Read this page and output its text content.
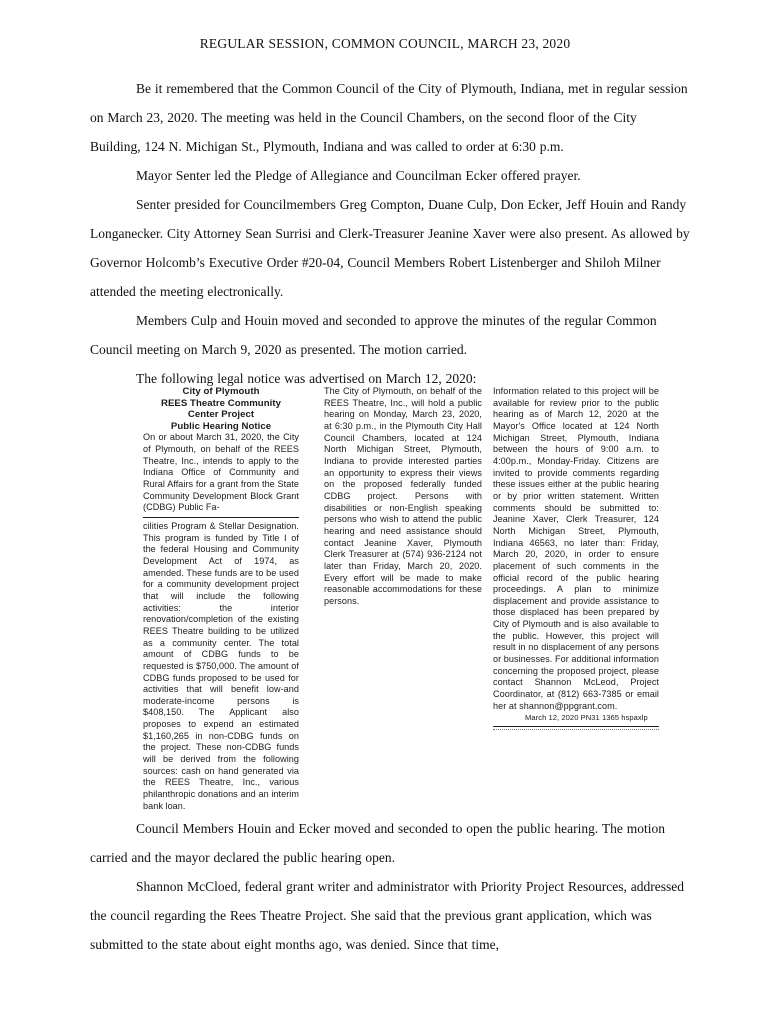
REGULAR SESSION, COMMON COUNCIL, MARCH 23, 2020

Be it remembered that the Common Council of the City of Plymouth, Indiana, met in regular session on March 23, 2020. The meeting was held in the Council Chambers, on the second floor of the City Building, 124 N. Michigan St., Plymouth, Indiana and was called to order at 6:30 p.m.

Mayor Senter led the Pledge of Allegiance and Councilman Ecker offered prayer.

Senter presided for Councilmembers Greg Compton, Duane Culp, Don Ecker, Jeff Houin and Randy Longanecker. City Attorney Sean Surrisi and Clerk-Treasurer Jeanine Xaver were also present. As allowed by Governor Holcomb’s Executive Order #20-04, Council Members Robert Listenberger and Shiloh Milner attended the meeting electronically.

Members Culp and Houin moved and seconded to approve the minutes of the regular Common Council meeting on March 9, 2020 as presented. The motion carried.

The following legal notice was advertised on March 12, 2020:

City of Plymouth
REES Theatre Community
Center Project
Public Hearing Notice

On or about March 31, 2020, the City of Plymouth, on behalf of the REES Theatre, Inc., intends to apply to the Indiana Office of Community and Rural Affairs for a grant from the State Community Development Block Grant (CDBG) Public Fa-

cilities Program & Stellar Designation. This program is funded by Title I of the federal Housing and Community Development Act of 1974, as amended. These funds are to be used for a community development project that will include the following activities: the interior renovation/completion of the existing REES Theatre building to be utilized as a community center. The total amount of CDBG funds to be requested is $750,000. The amount of CDBG funds proposed to be used for activities that will benefit low-and moderate-income persons is $408,150. The Applicant also proposes to expend an estimated $1,160,265 in non-CDBG funds on the project. These non-CDBG funds will be derived from the following sources: cash on hand generated via the REES Theatre, Inc., various philanthropic donations and an interim bank loan.

The City of Plymouth, on behalf of the REES Theatre, Inc., will hold a public hearing on Monday, March 23, 2020, at 6:30 p.m., in the Plymouth City Hall Council Chambers, located at 124 North Michigan Street, Plymouth, Indiana to provide interested parties an opportunity to express their views on the proposed federally funded CDBG project. Persons with disabilities or non-English speaking persons who wish to attend the public hearing and need assistance should contact Jeanine Xaver, Plymouth Clerk Treasurer at (574) 936-2124 not later than Friday, March 20, 2020. Every effort will be made to make reasonable accommodations for these persons.

Information related to this project will be available for review prior to the public hearing as of March 12, 2020 at the Mayor's Office located at 124 North Michigan Street, Plymouth, Indiana between the hours of 9:00 a.m. to 4:00p.m., Monday-Friday. Citizens are invited to provide comments regarding these issues either at the public hearing or by prior written statement. Written comments should be submitted to: Jeanine Xaver, Clerk Treasurer, 124 North Michigan Street, Plymouth, Indiana 46563, no later than: Friday, March 20, 2020, in order to ensure placement of such comments in the official record of the public hearing proceedings. A plan to minimize displacement and provide assistance to those displaced has been prepared by City of Plymouth and is also available to the public. However, this project will result in no displacement of any persons or businesses. For additional information concerning the proposed project, please contact Shannon McLeod, Project Coordinator, at (812) 663-7385 or email her at shannon@ppgrant.com.

March 12, 2020 PN31 1365 hspaxlp

Council Members Houin and Ecker moved and seconded to open the public hearing. The motion carried and the mayor declared the public hearing open.

Shannon McCloed, federal grant writer and administrator with Priority Project Resources, addressed the council regarding the Rees Theatre Project. She said that the previous grant application, which was submitted to the state about eight months ago, was denied. Since that time,
